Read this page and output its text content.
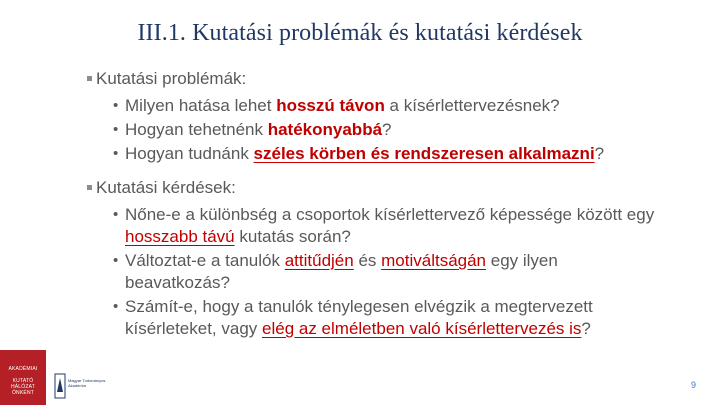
III.1. Kutatási problémák és kutatási kérdések
Kutatási problémák:
• Milyen hatása lehet hosszú távon a kísérlettervezésnek?
• Hogyan tehetnénk hatékonyabbá?
• Hogyan tudnánk széles körben és rendszeresen alkalmazni?
Kutatási kérdések:
• Nőne-e a különbség a csoportok kísérlettervező képessége között egy
hosszabb távú kutatás során?
• Változtat-e a tanulók attitűdjén és motiváltságán egy ilyen
beavatkozás?
• Számít-e, hogy a tanulók ténylegesen elvégzik a megtervezett
kísérleteket, vagy elég az elméletben való kísérlettervezés is?
AKADÉMIAI
KUTATÓ HÁLÓZAT
ÖNKÉNT
Magyar Tudományos
Akadémia	9
